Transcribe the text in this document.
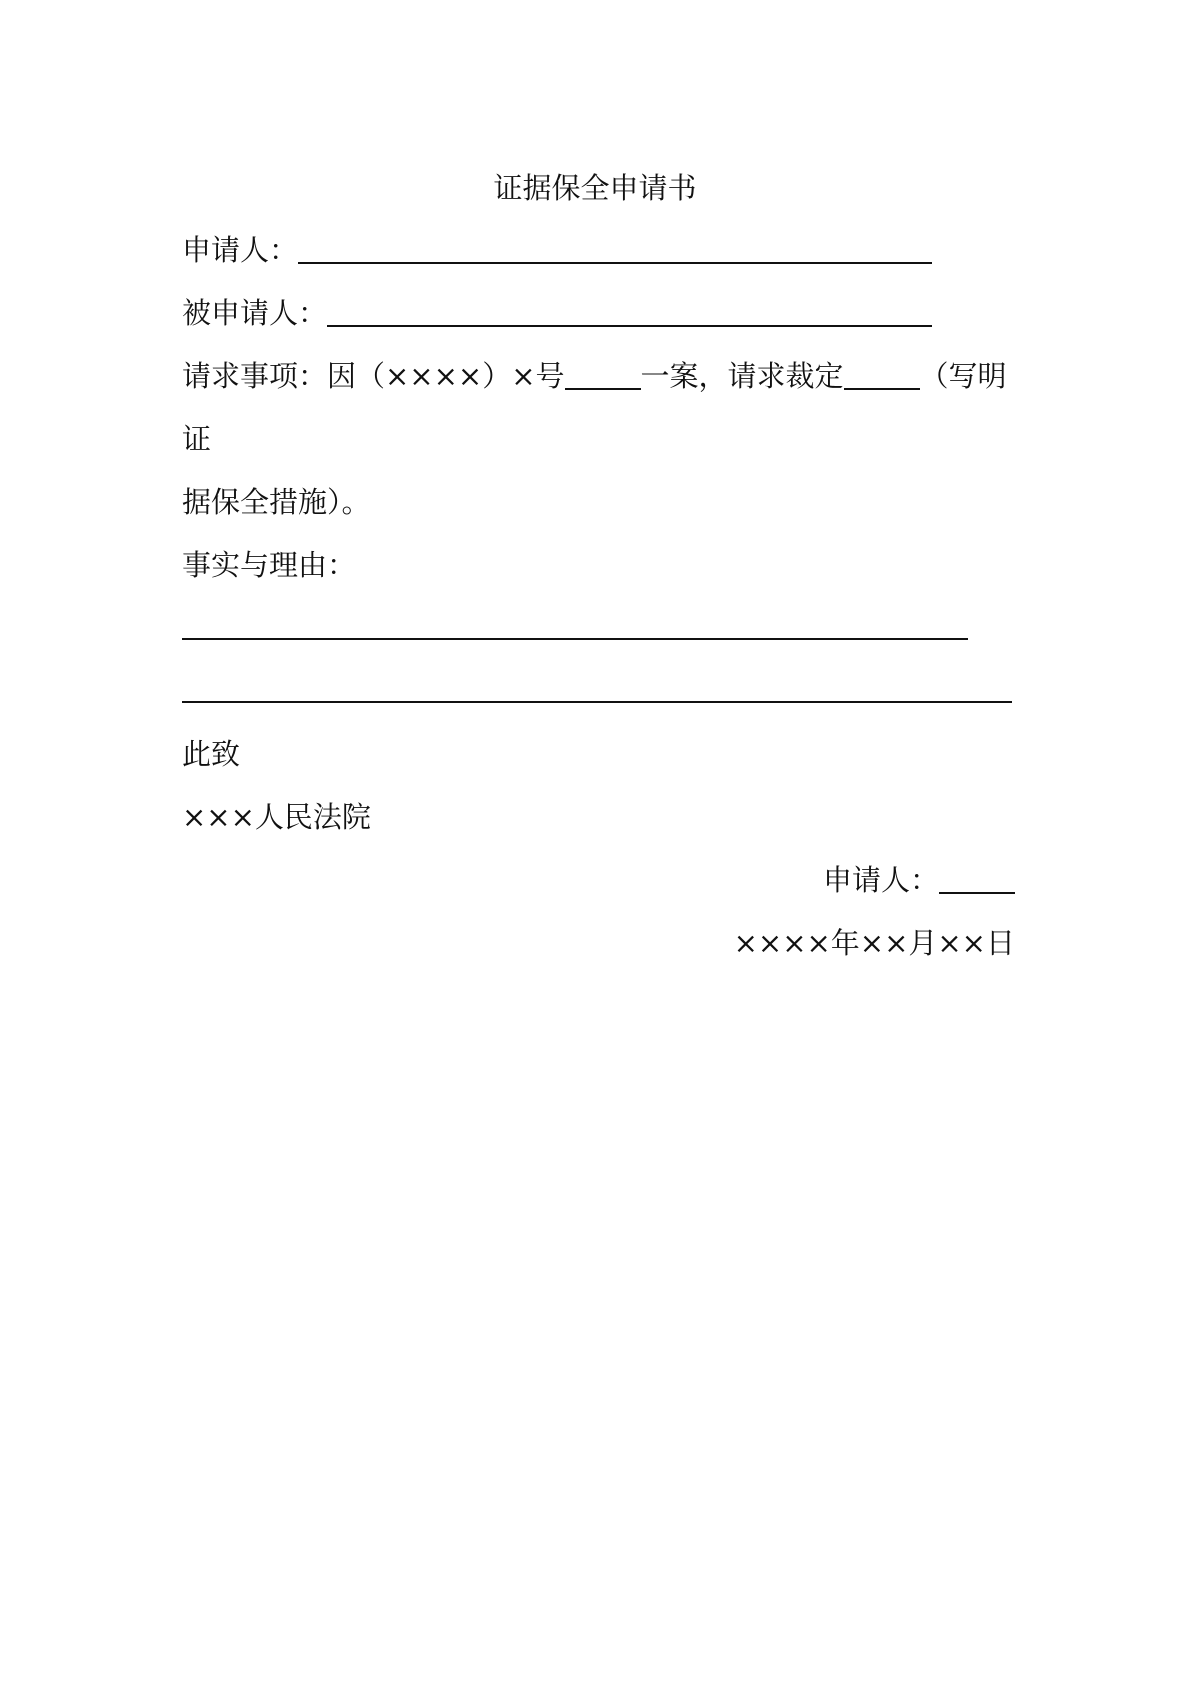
证据保全申请书
申请人：
被申请人：
请求事项：因（××××）×号	一案，请求裁定	（写明
证
据保全措施）。
事实与理由：
此致
×××人民法院
申请人：
××××年××月××日
